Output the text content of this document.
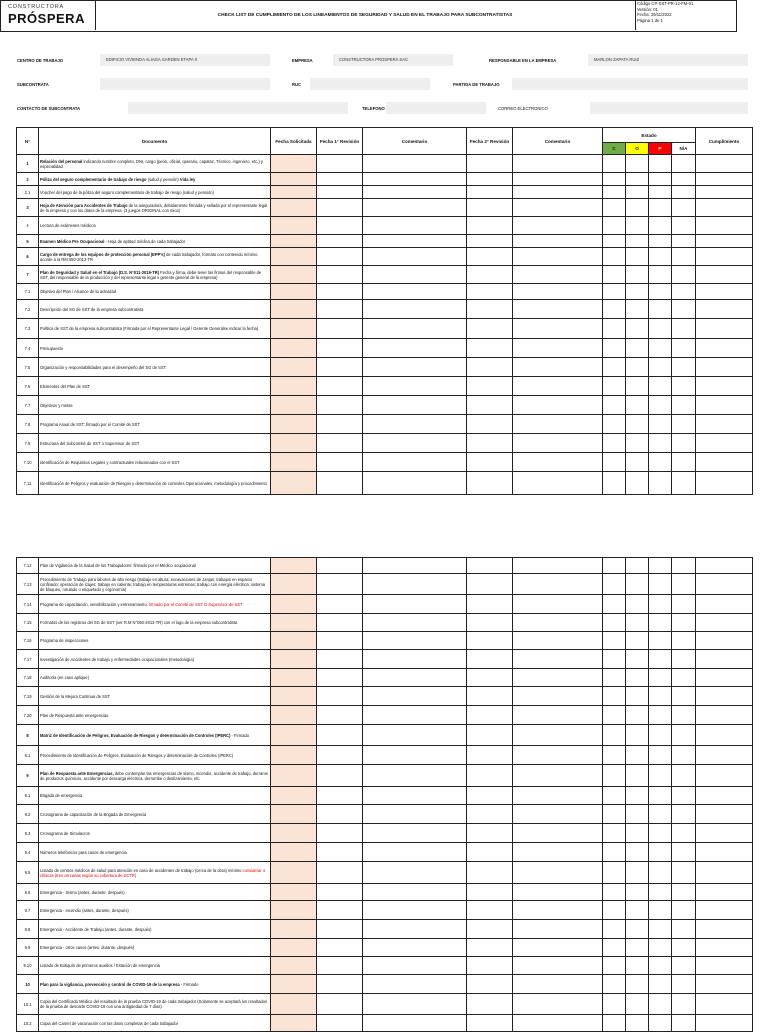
CONSTRUCTORA
PRÓSPERA	CHECK LIST DE CUMPLIMIENTO DE LOS LINEAMIENTOS DE SEGURIDAD Y SALUD EN EL TRABAJO PARA SUBCONTRATISTAS
Código CP-SST-PR-12-FM-01
Versión: 01
Fecha: 29/11/2022
Página 1 de 1
CENTRO DE TRABAJO	EDIFICIO VIVIENDA ALIAGA GARDEN ETAPA II	EMPRESA	CONSTRUCTORA PROSPERA SAC	RESPONSABLE EN LA EMPRESA	MARLON ZAPATA RUIZ
SUBCONTRATA	RUC	PARTIDA DE TRABAJO
CONTACTO DE SUBCONTRATA	TELEFONO	CORREO ELECTRONICO
N°	Documento	Fecha Solicitada	Fecha 1° Revisión	Comentario	Fecha 2° Revisión	Comentario	Estado				Cumplimiento
							C	O	P	N/A	
1	Relación del personal indicando nombre completo, DNI, cargo (peón, oficial, operario, capataz, Técnico, ingeniero, etc.) y especialidad										
2	Póliza del seguro complementario de trabajo de riesgo (salud y pensión) Vida ley										
2.1	Voucher del pago de la póliza del seguro complementario de trabajo de riesgo (salud y pensión)										
3	Hoja de Atención para Accidentes de Trabajo de la aseguradora, debidamente firmada y sellada por el representante legal de la empresa y con los datos de la empresa. (3 juegos ORIGINAL con mica)										
4	Lectura de exámenes médicos										
5	Examen Médico Pre Ocupacional - Hoja de aptitud médica de cada trabajador										
6	Cargo de entrega de los equipos de protección personal (EPP's) de cada trabajador, formato con contenido mínimo acorde a la RM 050-2013-TR										
7	Plan de Seguridad y Salud en el Trabajo (D.S. N°011-2019-TR) Fecha y firma, debe tener las firmas del responsable de SST, del responsable de la producción y del representante legal o gerente general de la empresa)										
7.1	Objetivo del Plan / Alcance de la actividad										
7.2	Descripción del SG de SST de la empresa subcontratista										
7.3	Política de SST de la empresa subcontratista (Firmada por el Representante Legal / Gerente Generalse indicar la fecha)										
7.4	Presupuesto										
7.5	Organización y responsabilidades para el desempeño del SG de SST										
7.6	Elementos del Plan de SST										
7.7	Objetivos y metas										
7.8	Programa Anual de SST: firmado por el Comité de SST										
7.9	Estructura del Subcomité de SST o Supervisor de SST										
7.10	Identificación de Requisitos Legales y contractuales relacionados con el SST										
7.11	Identificación de Peligros y evaluación de Riesgos y determinación de controles Operacionales, metodología y procedimiento										
7.12	Plan de Vigilancia de la Salud de los Trabajadores: firmado por el Médico ocupacional										
7.13	Procedimiento de Trabajo para labores de alto riesgo (trabajo en altura; excavaciones de zanjas; trabajos en espacio confinado; operación de izajes; trabajo en caliente; trabajo en temperaturas extremas; trabajo con energía eléctrica; sistema de bloqueo, rotulado o etiquetado y ergonomía)										
7.14	Programa de capacitación, sensibilización y entrenamiento. firmado por el Comité de SST O Supervisor de SST										
7.15	Formatos de los registros del SG de SST (ver R.M N°050-2013-TR) con el logo de la empresa subcontratista										
7.16	Programa de inspecciones										
7.17	Investigación de Accidentes de trabajo y enfermedades ocupacionales (metodología)										
7.18	Auditoría (en caso aplique)										
7.19	Gestión de la Mejora Continua de SST										
7.20	Plan de Respuesta ante emergencias										
8	Matriz de Identificación de Peligros, Evaluación de Riesgos y determinación de Controles (IPERC) - Firmado										
8.1	Procedimiento de Identificación de Peligros, Evaluación de Riesgos y determinación de Controles (IPERC)										
9	Plan de Respuesta ante Emergencias, debe contemplar las emergencias de sismo, incendio, accidente de trabajo, derrame de productos químicos, accidente por descarga eléctrica, derrumbe o deslizamiento, etc										
9.1	Brigada de emergencia										
9.2	Cronograma de capacitación de la Brigada de Emergencia										
9.3	Cronograma de Simulacros										
9.4	Números telefónicos para casos de emergencia										
9.5	Listado de centros médicos de salud para atención en caso de accidentes de trabajo (cerca de la obra) mínimo considerar 4 clínicas (tres cercanas según su cobertura de SCTR)										
9.6	Emergencia - Sismo (antes, durante, después)										
9.7	Emergencia - Incendio (antes, durante, después)										
9.8	Emergencia - Accidente de Trabajo (antes, durante, después)										
9.9	Emergencia - otros casos (antes, durante, después)										
9.10	Listado de Botiquín de primeros auxilios / Estación de emergencia										
10	Plan para la vigilancia, prevención y control de COVID-19 de la empresa - Firmado										
10.1	Copia del Certificado Médico del resultado de la prueba COVID-19 de cada trabajador (Solamente se aceptará los resultados de la prueba de descarte COVID-19 con una antigüedad de 7 días)										
10.2	Copia del Carnet de vacunación con las dosis completas de cada trabajador										
